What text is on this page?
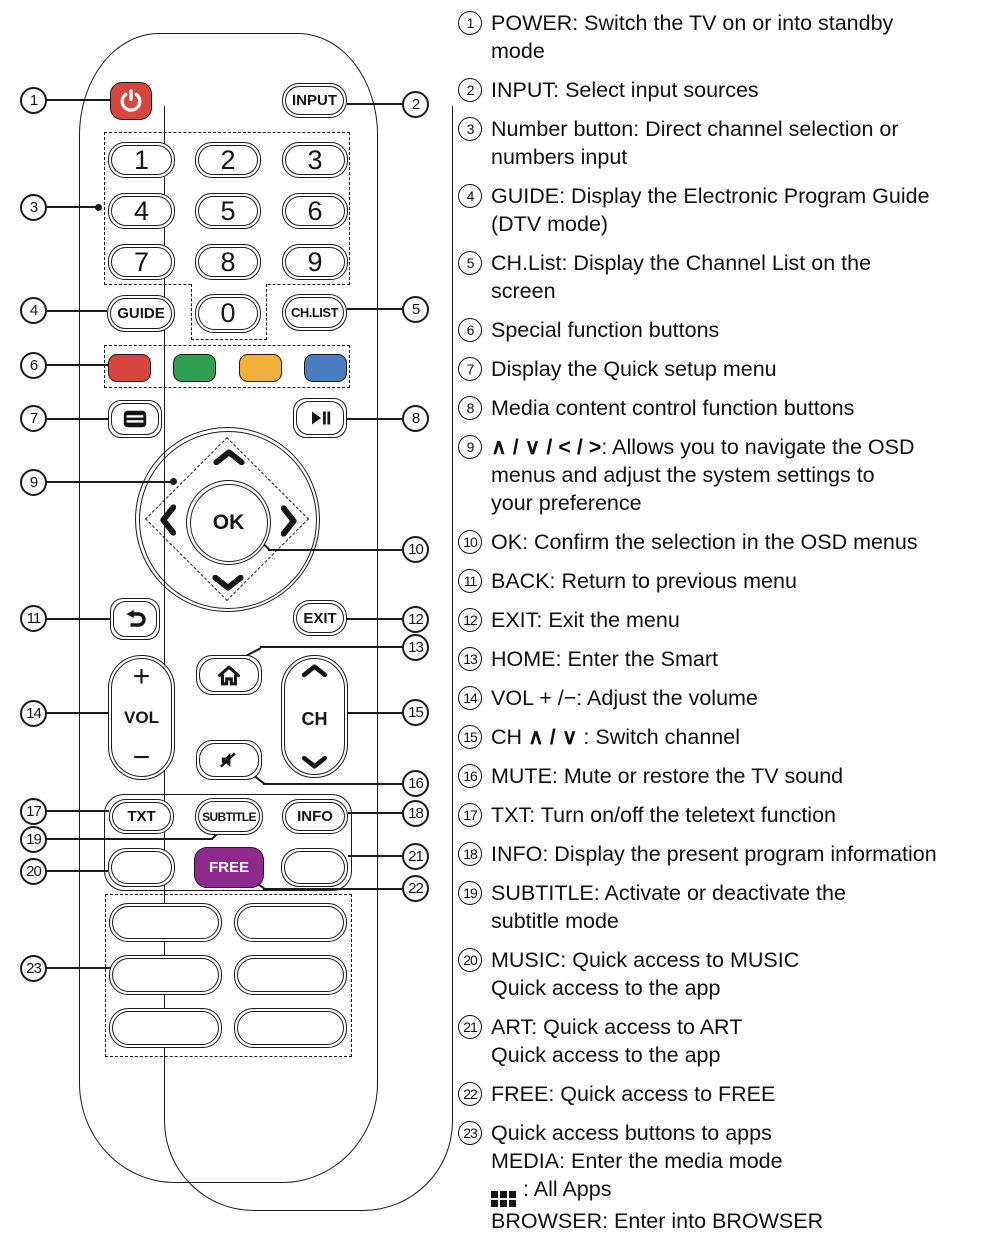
INPUT
1	2	3
4	5	6
7	8	9
GUIDE 0	CH.LIST
OK
EXIT
+
VOL
−
CH
TXT	SUBTITLE	INFO
FREE
1
3
4
6
7
9
11
14
17
19
20
23
2
5
8
10
12
13
15
16
18
21
22
1 POWER: Switch the TV on or into standby
mode
2 INPUT: Select input sources
3 Number button: Direct channel selection or
numbers input
4 GUIDE: Display the Electronic Program Guide
(DTV mode)
5 CH.List: Display the Channel List on the
screen
6 Special function buttons
7 Display the Quick setup menu
8 Media content control function buttons
9 ∧ / ∨ / < / >: Allows you to navigate the OSD
menus and adjust the system settings to
your preference
10 OK: Confirm the selection in the OSD menus
11 BACK: Return to previous menu
12 EXIT: Exit the menu
13 HOME: Enter the Smart
14 VOL + /−: Adjust the volume
15 CH ∧ / ∨ : Switch channel
16 MUTE: Mute or restore the TV sound
17 TXT: Turn on/off the teletext function
18 INFO: Display the present program information
19 SUBTITLE: Activate or deactivate the
subtitle mode
20 MUSIC: Quick access to MUSIC
Quick access to the app
21 ART: Quick access to ART
Quick access to the app
22 FREE: Quick access to FREE
23 Quick access buttons to apps
MEDIA: Enter the media mode
: All Apps
BROWSER: Enter into BROWSER
